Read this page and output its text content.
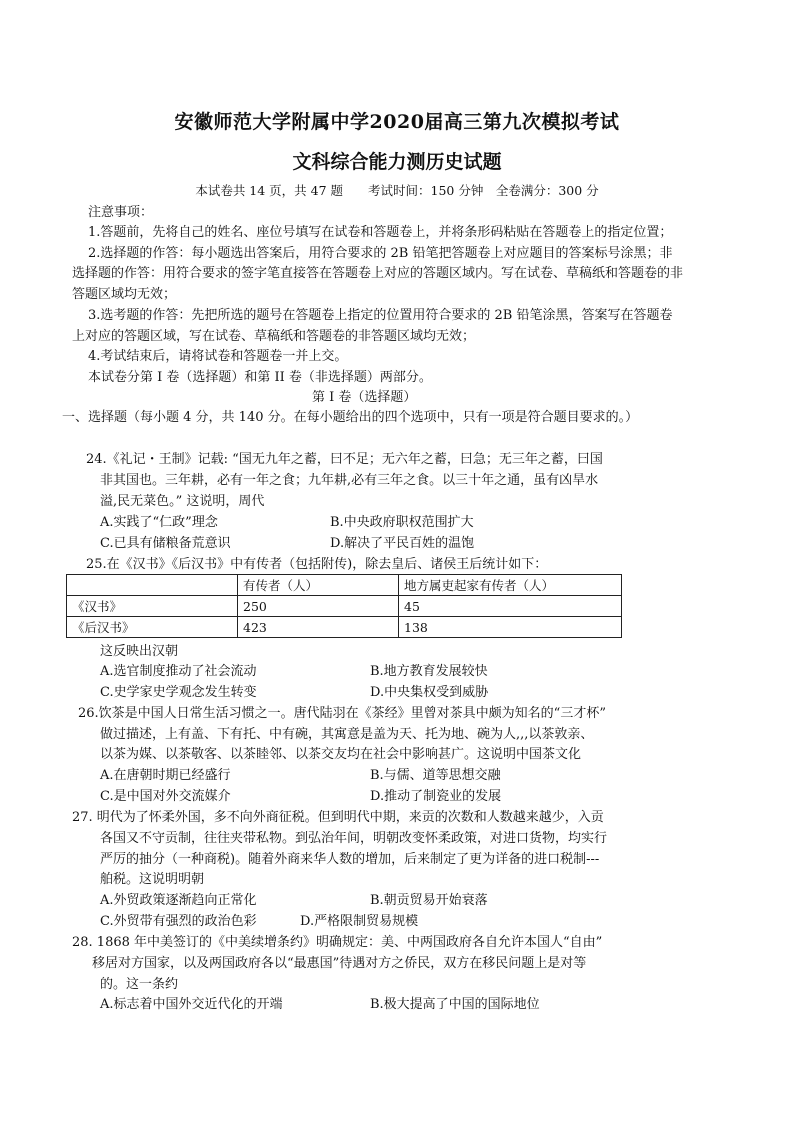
安徽师范大学附属中学2020届高三第九次模拟考试
文科综合能力测历史试题
本试卷共 14 页，共 47 题　　考试时间：150 分钟　全卷满分：300 分
注意事项：
1.答题前，先将自己的姓名、座位号填写在试卷和答题卷上，并将条形码粘贴在答题卷上的指定位置；
2.选择题的作答：每小题选出答案后，用符合要求的 2B 铅笔把答题卷上对应题目的答案标号涂黑；非
选择题的作答：用符合要求的签字笔直接答在答题卷上对应的答题区域内。写在试卷、草稿纸和答题卷的非
答题区域均无效；
3.选考题的作答：先把所选的题号在答题卷上指定的位置用符合要求的 2B 铅笔涂黑，答案写在答题卷
上对应的答题区域，写在试卷、草稿纸和答题卷的非答题区域均无效；
4.考试结束后，请将试卷和答题卷一并上交。
本试卷分第 I 卷（选择题）和第 II 卷（非选择题）两部分。
第 I 卷（选择题）
一、选择题（每小题 4 分，共 140 分。在每小题给出的四个选项中，只有一项是符合题目要求的。）
24.《礼记・王制》记载: “国无九年之蓄，曰不足；无六年之蓄，曰急；无三年之蓄，曰国
非其国也。三年耕，必有一年之食；九年耕,必有三年之食。以三十年之通，虽有凶旱水
溢,民无菜色。” 这说明，周代
A.实践了“仁政”理念	B.中央政府职权范围扩大
C.已具有储粮备荒意识	D.解决了平民百姓的温饱
25.在《汉书》《后汉书》中有传者（包括附传)，除去皇后、诸侯王后统计如下：
	有传者（人）	地方属吏起家有传者（人）
《汉书》	250	45
《后汉书》	423	138
这反映出汉朝
A.选官制度推动了社会流动	B.地方教育发展较快
C.史学家史学观念发生转变	D.中央集权受到威胁
26.饮茶是中国人日常生活习惯之一。唐代陆羽在《茶经》里曾对茶具中颇为知名的“三才杯”
做过描述，上有盖、下有托、中有碗，其寓意是盖为天、托为地、碗为人,,,以茶敦亲、
以茶为媒、以茶敬客、以茶睦邻、以茶交友均在社会中影响甚广。这说明中国茶文化
A.在唐朝时期已经盛行	B.与儒、道等思想交融
C.是中国对外交流媒介	D.推动了制瓷业的发展
27. 明代为了怀柔外国，多不向外商征税。但到明代中期，来贡的次数和人数越来越少，入贡
各国又不守贡制，往往夹带私物。到弘治年间，明朝改变怀柔政策，对进口货物，均实行
严厉的抽分（一种商税)。随着外商来华人数的增加，后来制定了更为详备的进口税制---
舶税。这说明明朝
A.外贸政策逐渐趋向正常化	B.朝贡贸易开始衰落
C.外贸带有强烈的政治色彩	D.严格限制贸易规模
28. 1868 年中美签订的《中美续增条约》明确规定：美、中两国政府各自允许本国人“自由”
移居对方国家，以及两国政府各以“最惠国”待遇对方之侨民，双方在移民问题上是对等
的。这一条约
A.标志着中国外交近代化的开端	B.极大提高了中国的国际地位
